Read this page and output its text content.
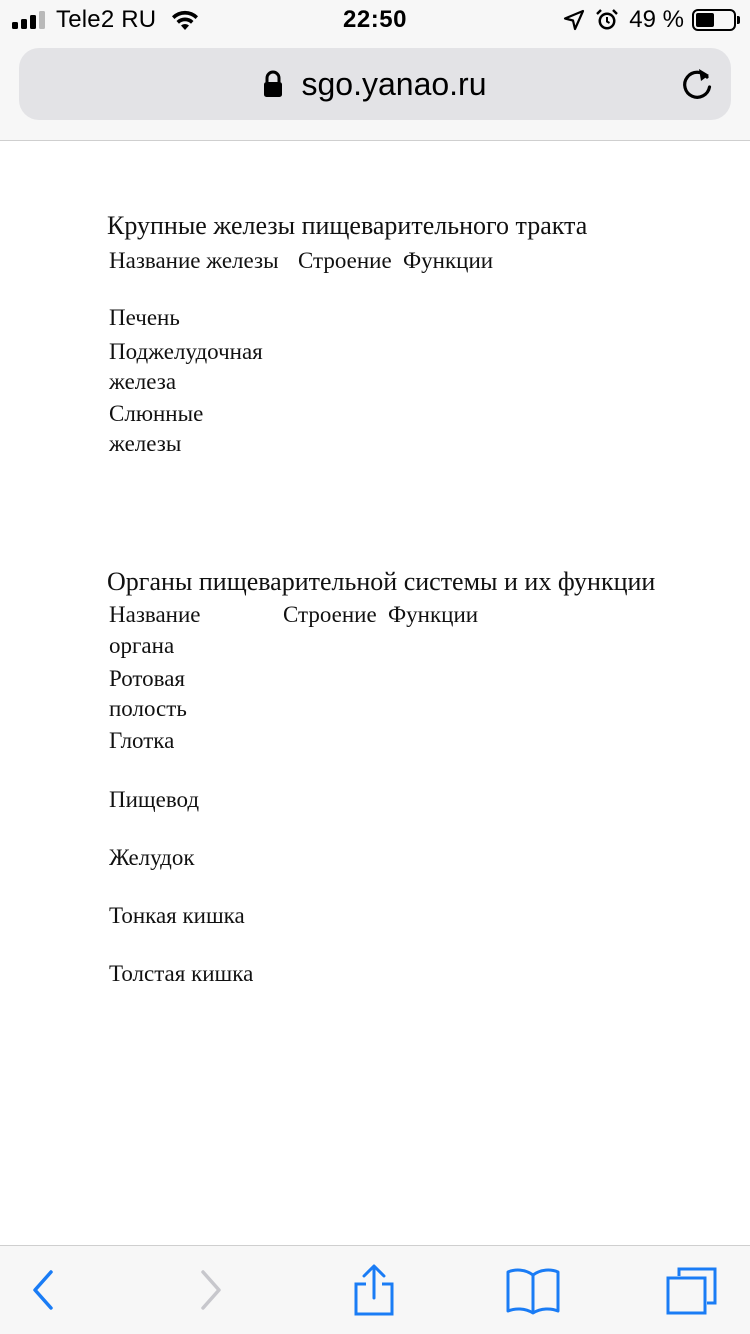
Tele2 RU	22:50	49 %
sgo.yanao.ru
Крупные железы пищеварительного тракта
Название железы Строение Функции
Печень
Поджелудочная
железа
Слюнные
железы
Органы пищеварительной системы и их функции
Название
органа
Строение Функции
Ротовая
полость
Глотка
Пищевод
Желудок
Тонкая кишка
Толстая кишка
